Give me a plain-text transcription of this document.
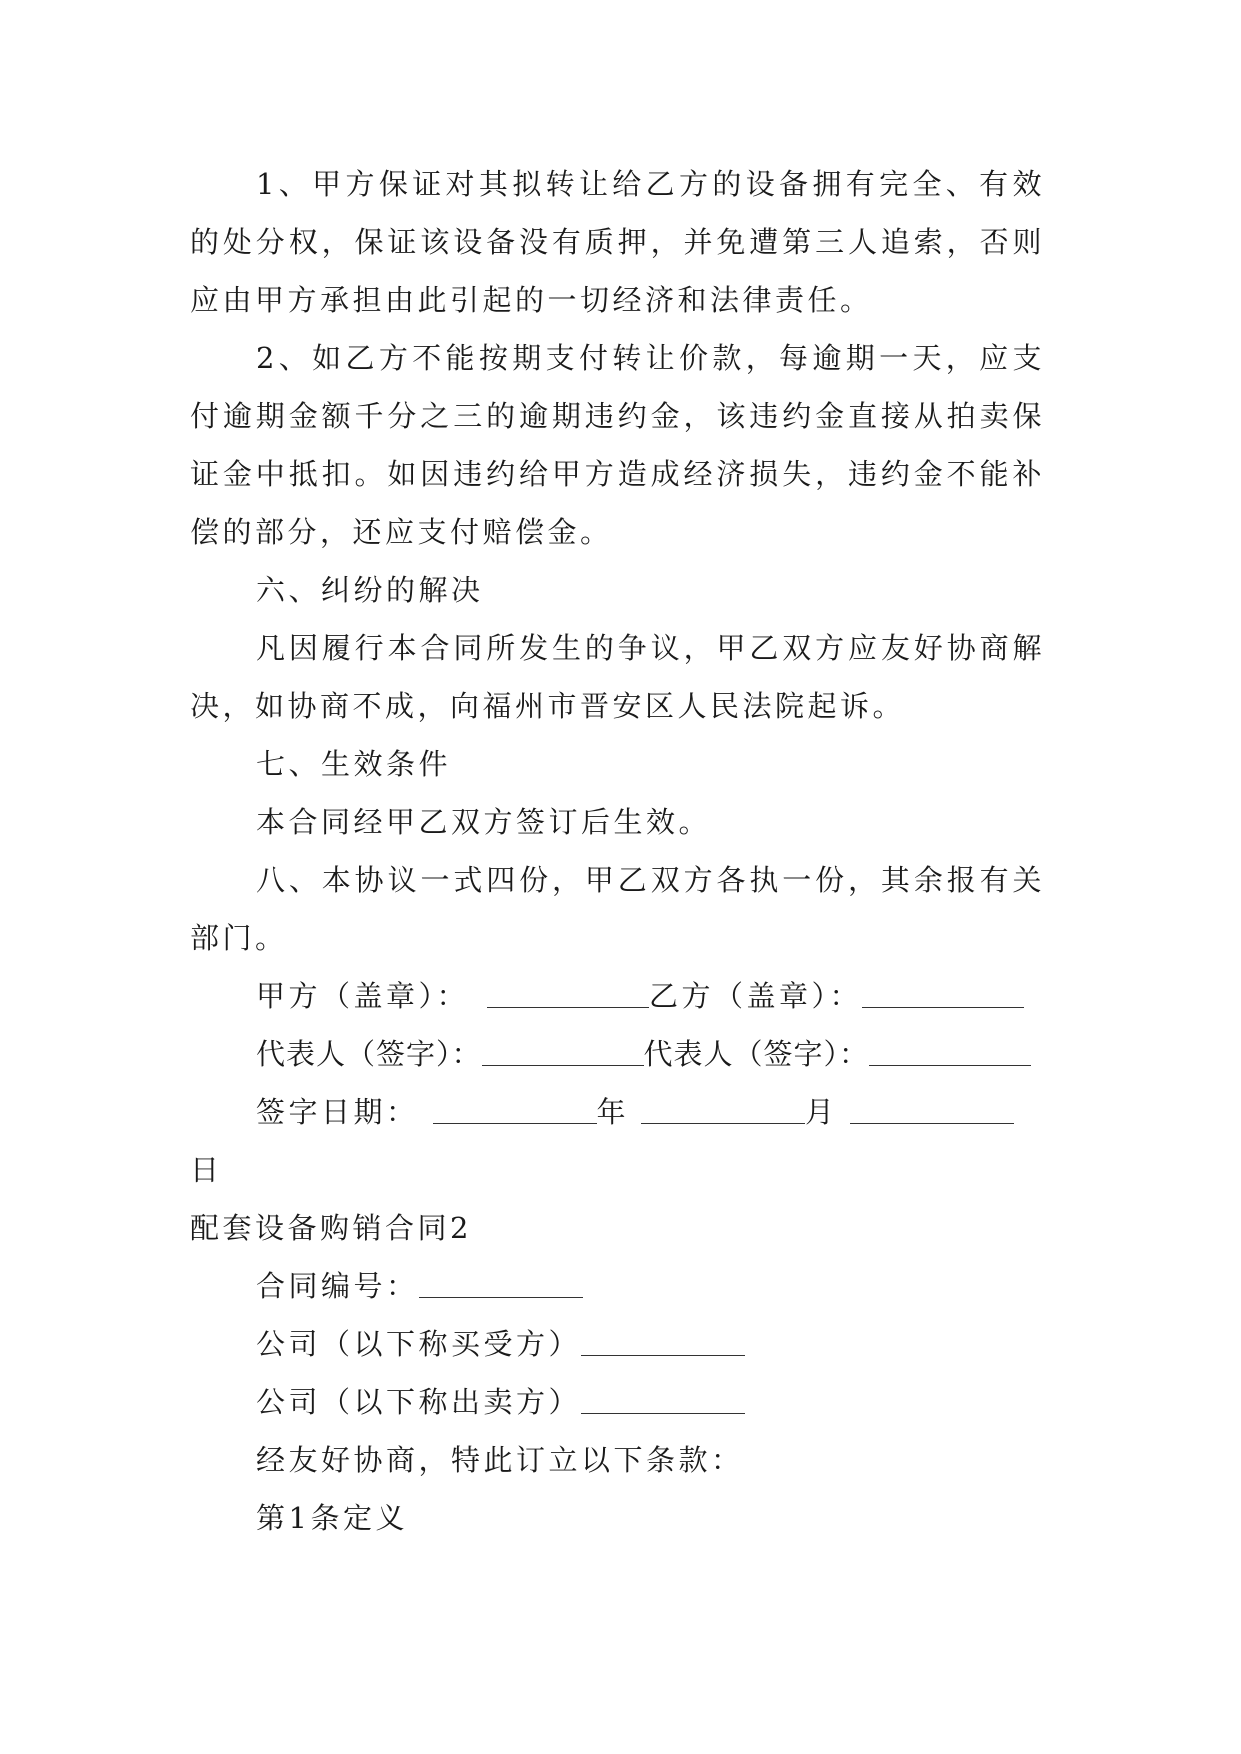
1、甲方保证对其拟转让给乙方的设备拥有完全、有效
的处分权，保证该设备没有质押，并免遭第三人追索，否则
应由甲方承担由此引起的一切经济和法律责任。
2、如乙方不能按期支付转让价款，每逾期一天，应支
付逾期金额千分之三的逾期违约金，该违约金直接从拍卖保
证金中抵扣。如因违约给甲方造成经济损失，违约金不能补
偿的部分，还应支付赔偿金。
六、纠纷的解决
凡因履行本合同所发生的争议，甲乙双方应友好协商解
决，如协商不成，向福州市晋安区人民法院起诉。
七、生效条件
本合同经甲乙双方签订后生效。
八、本协议一式四份，甲乙双方各执一份，其余报有关
部门。
甲方（盖章）：	乙方（盖章）：
代表人（签字）：	代表人（签字）：
签字日期：	年	月
日
配套设备购销合同2
合同编号：
公司（以下称买受方）
公司（以下称出卖方）
经友好协商，特此订立以下条款：
第1条定义
